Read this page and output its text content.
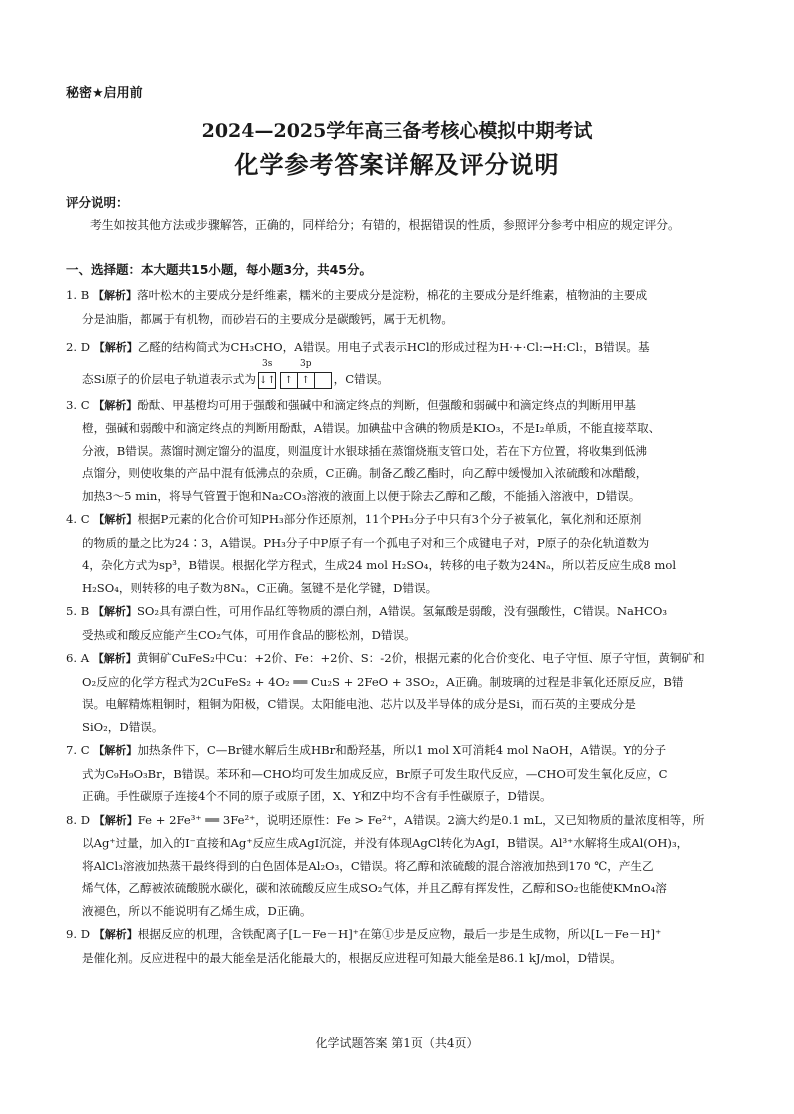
秘密★启用前
2024—2025学年高三备考核心模拟中期考试
化学参考答案详解及评分说明
评分说明：
考生如按其他方法或步骤解答，正确的，同样给分；有错的，根据错误的性质，参照评分参考中相应的规定评分。
一、选择题：本大题共15小题，每小题3分，共45分。
1. B 【解析】落叶松木的主要成分是纤维素，糯米的主要成分是淀粉，棉花的主要成分是纤维素，植物油的主要成

分是油脂，都属于有机物，而砂岩石的主要成分是碳酸钙，属于无机物。
2. D 【解析】乙醛的结构简式为CH₃CHO，A错误。用电子式表示HCl的形成过程为H·+·Cl:→H:Cl:，B错误。基

态Si原子的价层电子轨道表示式为
3s	3p
↓↑ ↑ ↑ ，C错误。
3. C 【解析】酚酞、甲基橙均可用于强酸和强碱中和滴定终点的判断，但强酸和弱碱中和滴定终点的判断用甲基
橙，强碱和弱酸中和滴定终点的判断用酚酞，A错误。加碘盐中含碘的物质是KIO₃，不是I₂单质，不能直接萃取、
分液，B错误。蒸馏时测定馏分的温度，则温度计水银球插在蒸馏烧瓶支管口处，若在下方位置，将收集到低沸
点馏分，则使收集的产品中混有低沸点的杂质，C正确。制备乙酸乙酯时，向乙醇中缓慢加入浓硫酸和冰醋酸，
加热3～5 min，将导气管置于饱和Na₂CO₃溶液的液面上以便于除去乙醇和乙酸，不能插入溶液中，D错误。
4. C 【解析】根据P元素的化合价可知PH₃部分作还原剂，11个PH₃分子中只有3个分子被氧化，氧化剂和还原剂
的物质的量之比为24∶3，A错误。PH₃分子中P原子有一个孤电子对和三个成键电子对，P原子的杂化轨道数为
4，杂化方式为sp³，B错误。根据化学方程式，生成24 mol H₂SO₄，转移的电子数为24Nₐ，所以若反应生成8 mol
H₂SO₄，则转移的电子数为8Nₐ，C正确。氢键不是化学键，D错误。
5. B 【解析】SO₂具有漂白性，可用作品红等物质的漂白剂，A错误。氢氟酸是弱酸，没有强酸性，C错误。NaHCO₃
受热或和酸反应能产生CO₂气体，可用作食品的膨松剂，D错误。
6. A 【解析】黄铜矿CuFeS₂中Cu：+2价、Fe：+2价、S：-2价，根据元素的化合价变化、电子守恒、原子守恒，黄铜矿和
O₂反应的化学方程式为2CuFeS₂ + 4O₂ ══ Cu₂S + 2FeO + 3SO₂，A正确。制玻璃的过程是非氧化还原反应，B错
误。电解精炼粗铜时，粗铜为阳极，C错误。太阳能电池、芯片以及半导体的成分是Si，而石英的主要成分是
SiO₂，D错误。
7. C 【解析】加热条件下，C—Br键水解后生成HBr和酚羟基，所以1 mol X可消耗4 mol NaOH，A错误。Y的分子
式为C₉H₉O₃Br，B错误。苯环和—CHO均可发生加成反应，Br原子可发生取代反应，—CHO可发生氧化反应，C
正确。手性碳原子连接4个不同的原子或原子团，X、Y和Z中均不含有手性碳原子，D错误。
8. D 【解析】Fe + 2Fe³⁺ ══ 3Fe²⁺，说明还原性：Fe > Fe²⁺，A错误。2滴大约是0.1 mL，又已知物质的量浓度相等，所
以Ag⁺过量，加入的I⁻直接和Ag⁺反应生成AgI沉淀，并没有体现AgCl转化为AgI，B错误。Al³⁺水解将生成Al(OH)₃，
将AlCl₃溶液加热蒸干最终得到的白色固体是Al₂O₃，C错误。将乙醇和浓硫酸的混合溶液加热到170 ℃，产生乙
烯气体，乙醇被浓硫酸脱水碳化，碳和浓硫酸反应生成SO₂气体，并且乙醇有挥发性，乙醇和SO₂也能使KMnO₄溶
液褪色，所以不能说明有乙烯生成，D正确。
9. D 【解析】根据反应的机理，含铁配离子[L－Fe－H]⁺在第①步是反应物，最后一步是生成物，所以[L－Fe－H]⁺
是催化剂。反应进程中的最大能垒是活化能最大的，根据反应进程可知最大能垒是86.1 kJ/mol，D错误。
化学试题答案 第1页（共4页）
